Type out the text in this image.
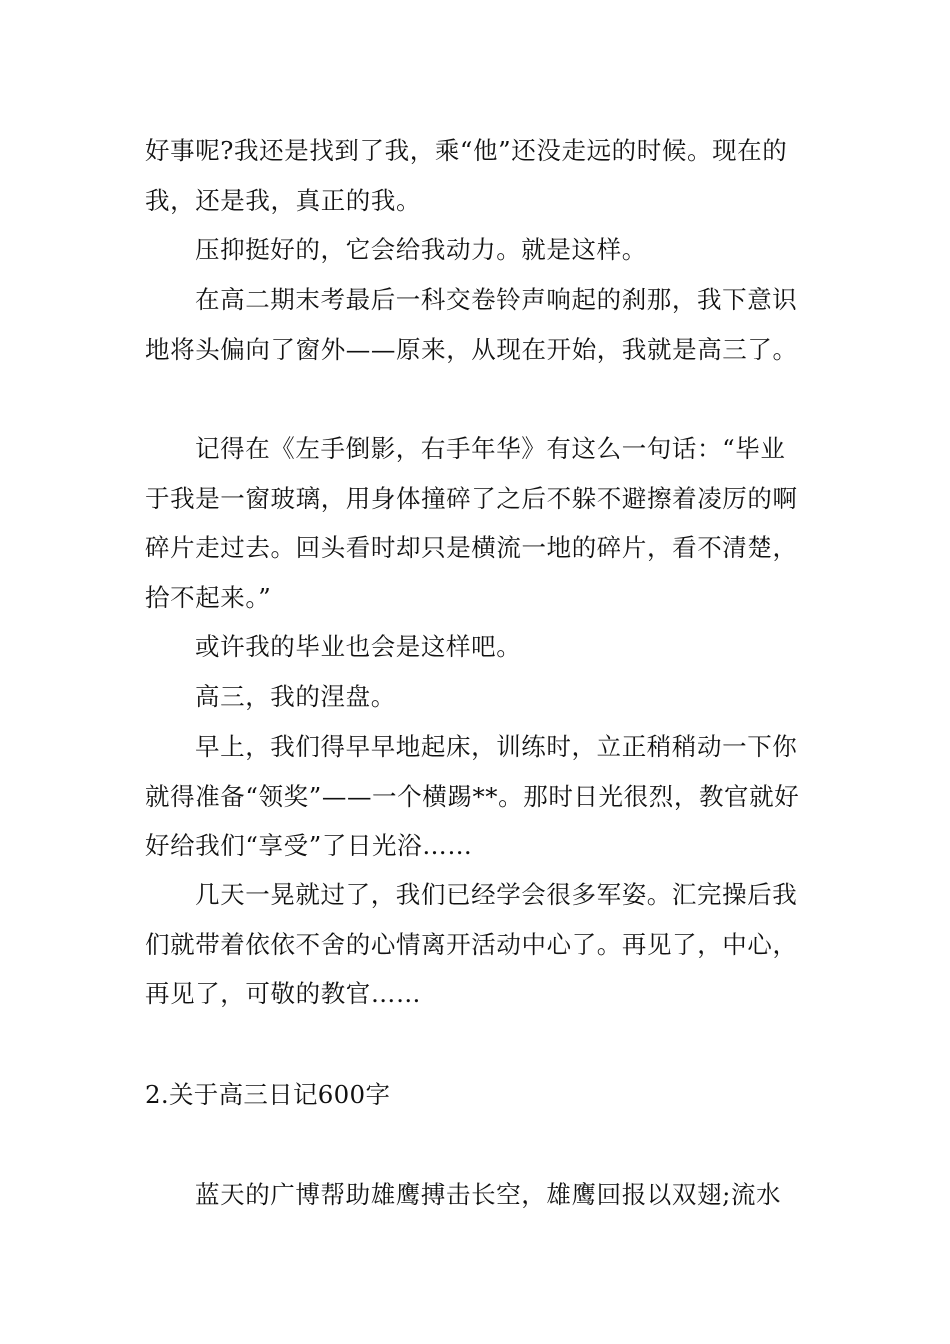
好事呢?我还是找到了我，乘“他”还没走远的时候。现在的我，还是我，真正的我。

压抑挺好的，它会给我动力。就是这样。

在高二期末考最后一科交卷铃声响起的刹那，我下意识地将头偏向了窗外——原来，从现在开始，我就是高三了。

记得在《左手倒影，右手年华》有这么一句话：“毕业于我是一窗玻璃，用身体撞碎了之后不躲不避擦着凌厉的啊碎片走过去。回头看时却只是横流一地的碎片，看不清楚，拾不起来。”

或许我的毕业也会是这样吧。

高三，我的涅盘。

早上，我们得早早地起床，训练时，立正稍稍动一下你就得准备“领奖”——一个横踢**。那时日光很烈，教官就好好给我们“享受”了日光浴……

几天一晃就过了，我们已经学会很多军姿。汇完操后我们就带着依依不舍的心情离开活动中心了。再见了，中心，再见了，可敬的教官……

2.关于高三日记600字

蓝天的广博帮助雄鹰搏击长空，雄鹰回报以双翅;流水
